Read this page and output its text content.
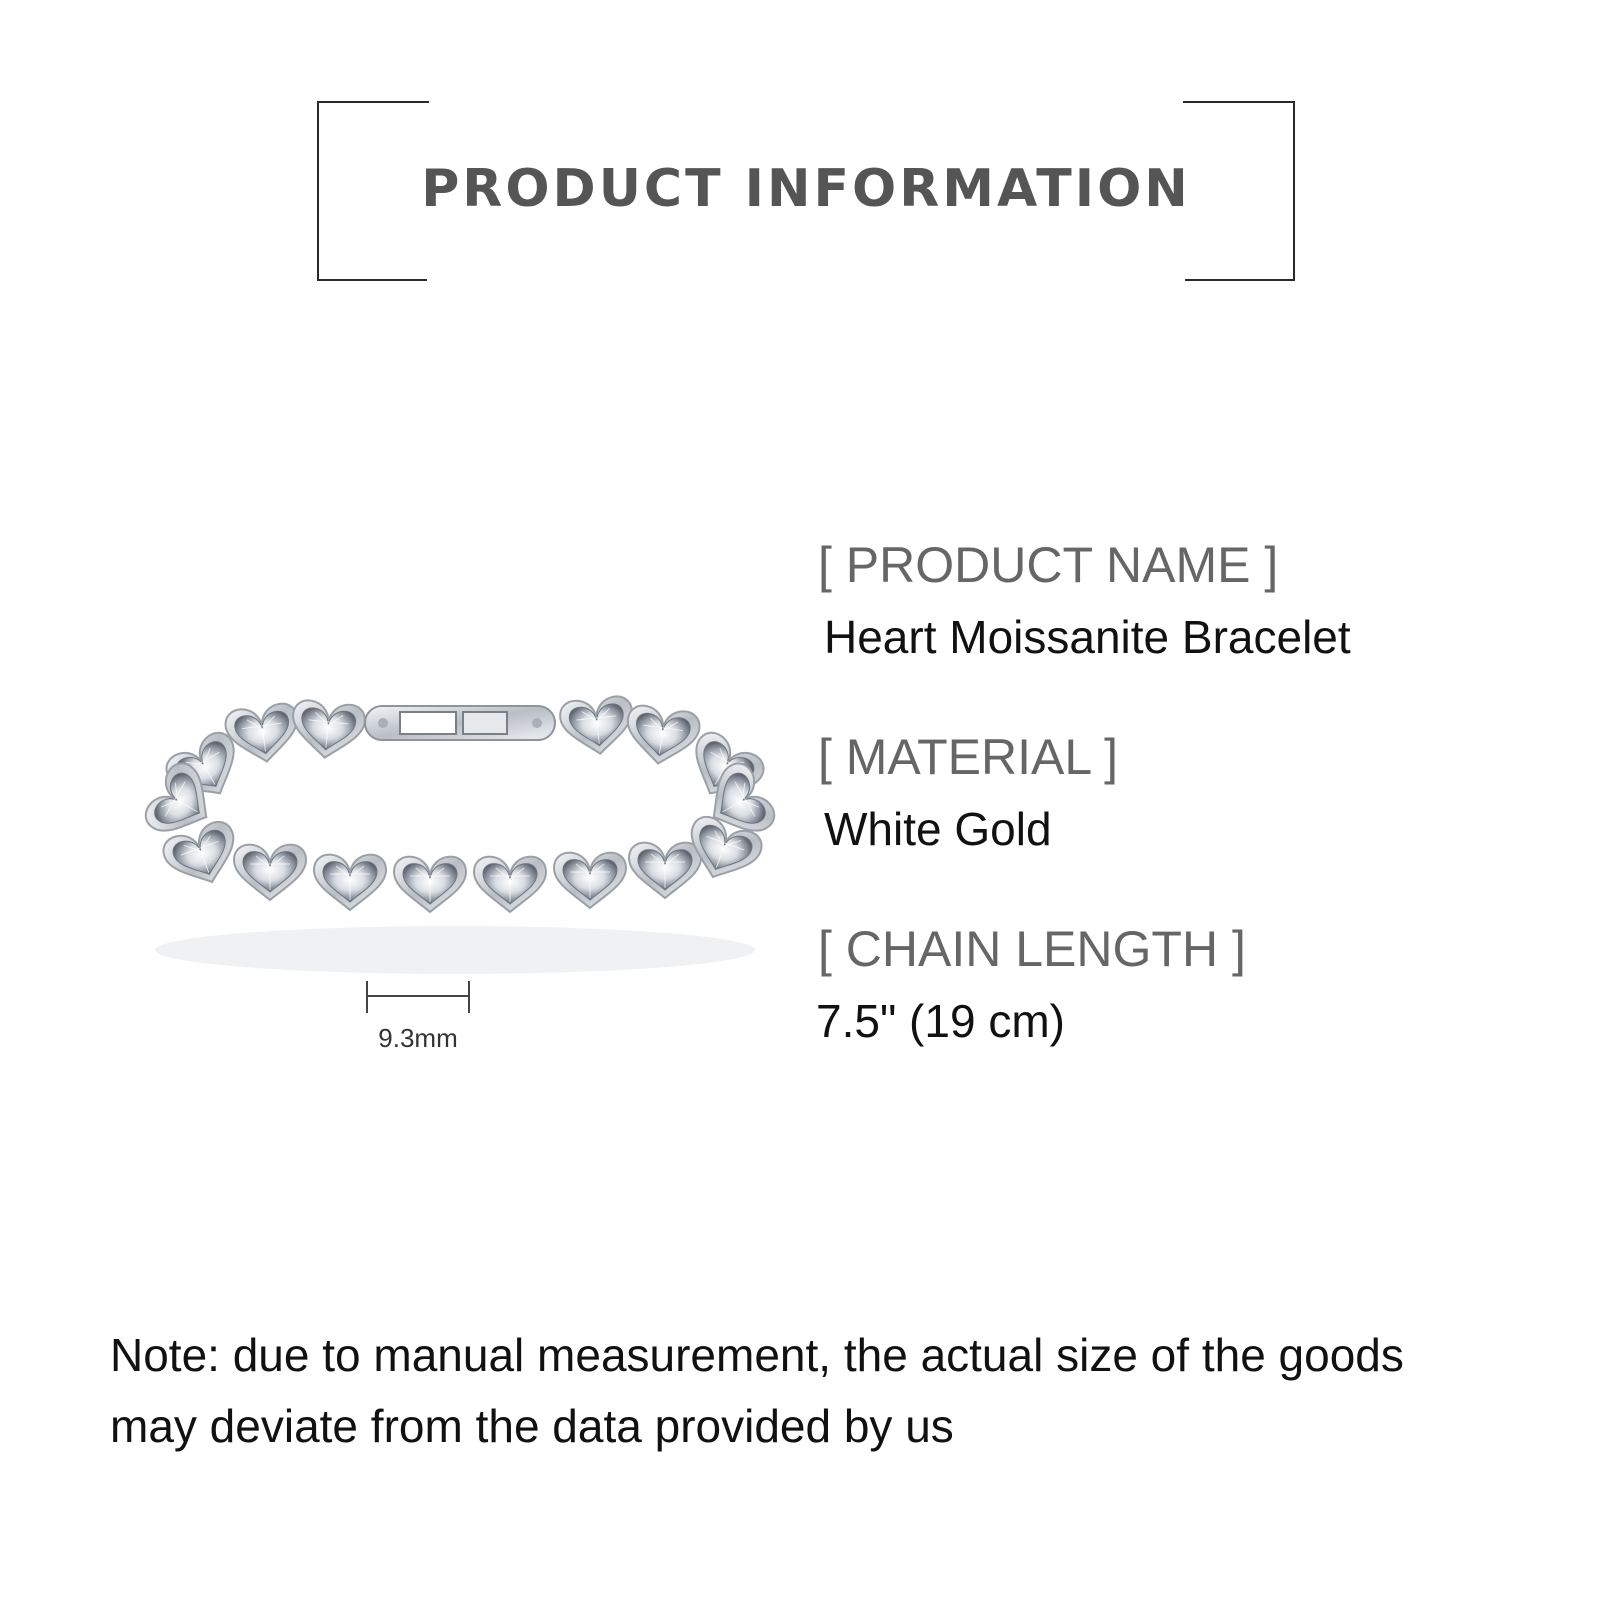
PRODUCT INFORMATION
9.3mm

[ PRODUCT NAME ]

Heart Moissanite Bracelet

[ MATERIAL ]

White Gold

[ CHAIN LENGTH ]

7.5" (19 cm)

Note: due to manual measurement, the actual size of the goods
may deviate from the data provided by us
